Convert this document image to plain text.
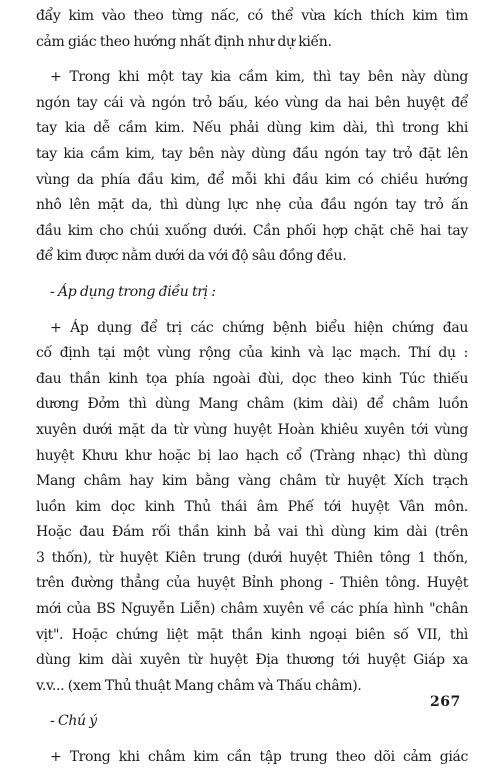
đẩy kim vào theo từng nấc, có thể vừa kích thích kim tìm
cảm giác theo hướng nhất định như dự kiến.
+ Trong khi một tay kia cầm kim, thì tay bên này dùng
ngón tay cái và ngón trỏ bấu, kéo vùng da hai bên huyệt để
tay kia dễ cầm kim. Nếu phải dùng kim dài, thì trong khi
tay kia cầm kim, tay bên này dùng đầu ngón tay trỏ đặt lên
vùng da phía đầu kim, để mỗi khi đầu kim có chiều hướng
nhô lên mặt da, thì dùng lực nhẹ của đầu ngón tay trỏ ấn
đầu kim cho chúi xuống dưới. Cần phối hợp chặt chẽ hai tay
để kim được nằm dưới da với độ sâu đồng đều.
- Áp dụng trong điều trị :
+ Áp dụng để trị các chứng bệnh biểu hiện chứng đau
cố định tại một vùng rộng của kinh và lạc mạch. Thí dụ :
đau thần kinh tọa phía ngoài đùi, dọc theo kinh Túc thiếu
dương Đởm thì dùng Mang châm (kim dài) để châm luồn
xuyên dưới mặt da từ vùng huyệt Hoàn khiêu xuyên tới vùng
huyệt Khưu khư hoặc bị lao hạch cổ (Tràng nhạc) thì dùng
Mang châm hay kim bằng vàng châm từ huyệt Xích trạch
luồn kim dọc kinh Thủ thái âm Phế tới huyệt Vân môn.
Hoặc đau Đám rối thần kinh bả vai thì dùng kim dài (trên
3 thốn), từ huyệt Kiên trung (dưới huyệt Thiên tông 1 thốn,
trên đường thẳng của huyệt Bỉnh phong - Thiên tông. Huyệt
mới của BS Nguyễn Liễn) châm xuyên về các phía hình "chân
vịt". Hoặc chứng liệt mặt thần kinh ngoại biên số VII, thì
dùng kim dài xuyên từ huyệt Địa thương tới huyệt Giáp xa
v.v... (xem Thủ thuật Mang châm và Thấu châm).
- Chú ý
+ Trong khi châm kim cần tập trung theo dõi cảm giác
267
